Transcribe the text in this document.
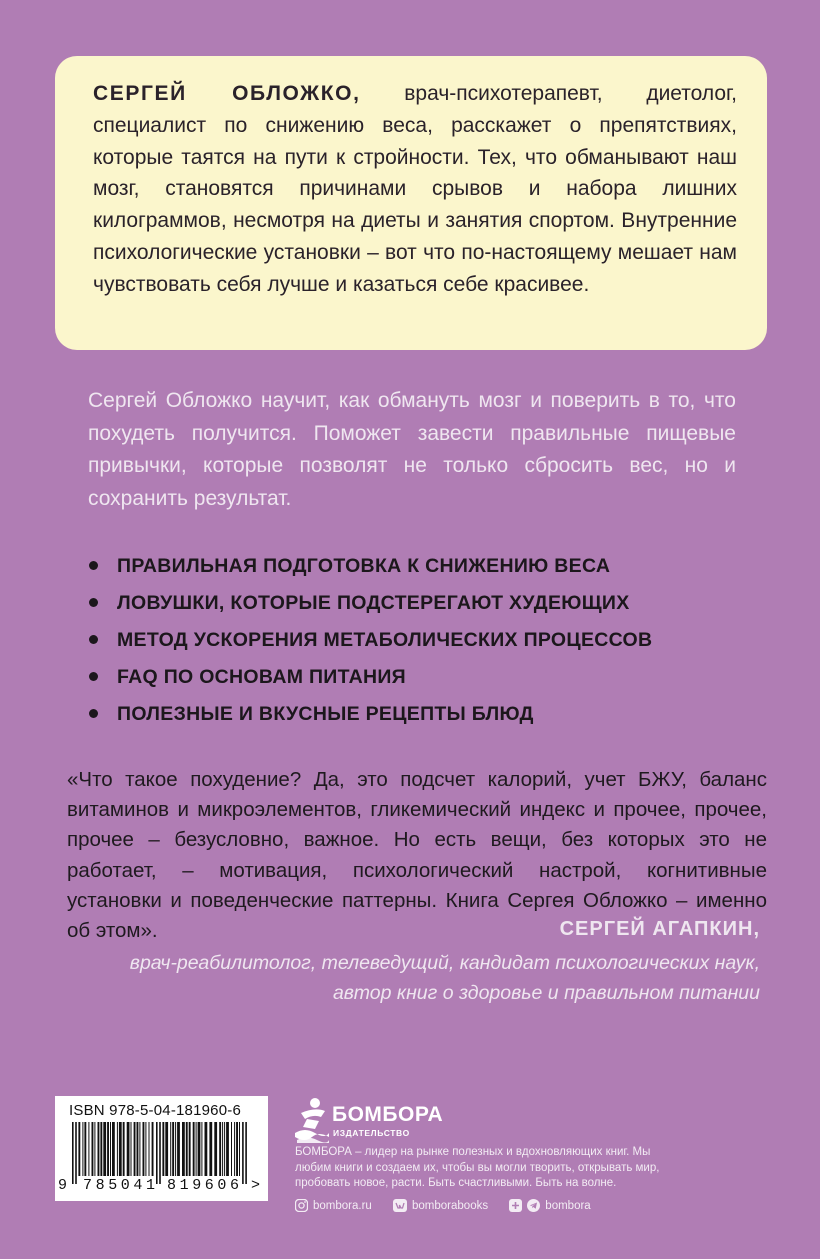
СЕРГЕЙ ОБЛОЖКО, врач-психотерапевт, диетолог, специалист по снижению веса, расскажет о препятствиях, которые таятся на пути к стройности. Тех, что обманывают наш мозг, становятся причинами срывов и набора лишних килограммов, несмотря на диеты и занятия спортом. Внутренние психологические установки – вот что по-настоящему мешает нам чувствовать себя лучше и казаться себе красивее.

Сергей Обложко научит, как обмануть мозг и поверить в то, что похудеть получится. Поможет завести правильные пищевые привычки, которые позволят не только сбросить вес, но и сохранить результат.

ПРАВИЛЬНАЯ ПОДГОТОВКА К СНИЖЕНИЮ ВЕСА
ЛОВУШКИ, КОТОРЫЕ ПОДСТЕРЕГАЮТ ХУДЕЮЩИХ
МЕТОД УСКОРЕНИЯ МЕТАБОЛИЧЕСКИХ ПРОЦЕССОВ
FAQ ПО ОСНОВАМ ПИТАНИЯ
ПОЛЕЗНЫЕ И ВКУСНЫЕ РЕЦЕПТЫ БЛЮД

«Что такое похудение? Да, это подсчет калорий, учет БЖУ, баланс витаминов и микроэлементов, гликемический индекс и прочее, прочее, прочее – безусловно, важное. Но есть вещи, без которых это не работает, – мотивация, психологический настрой, когнитивные установки и поведенческие паттерны. Книга Сергея Обложко – именно об этом».	СЕРГЕЙ АГАПКИН,
врач-реабилитолог, телеведущий, кандидат психологических наук,
автор книг о здоровье и правильном питании
ISBN 978-5-04-181960-6
9 785041 819606 >
БОМБОРА
ИЗДАТЕЛЬСТВО
БОМБОРА – лидер на рынке полезных и вдохновляющих книг. Мы любим книги и создаем их, чтобы вы могли творить, открывать мир, пробовать новое, расти. Быть счастливыми. Быть на волне.
bombora.ru
	bomborabooks
	bombora
